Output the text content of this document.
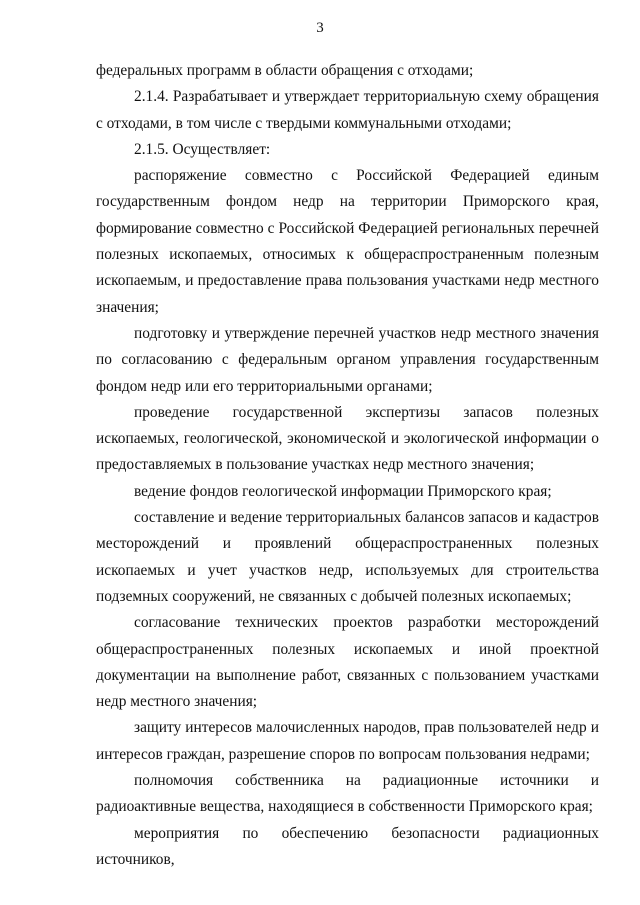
3

федеральных программ в области обращения с отходами;

2.1.4. Разрабатывает и утверждает территориальную схему обращения с отходами, в том числе с твердыми коммунальными отходами;

2.1.5. Осуществляет:

распоряжение совместно с Российской Федерацией единым государственным фондом недр на территории Приморского края, формирование совместно с Российской Федерацией региональных перечней полезных ископаемых, относимых к общераспространенным полезным ископаемым, и предоставление права пользования участками недр местного значения;

подготовку и утверждение перечней участков недр местного значения по согласованию с федеральным органом управления государственным фондом недр или его территориальными органами;

проведение государственной экспертизы запасов полезных ископаемых, геологической, экономической и экологической информации о предоставляемых в пользование участках недр местного значения;

ведение фондов геологической информации Приморского края;

составление и ведение территориальных балансов запасов и кадастров месторождений и проявлений общераспространенных полезных ископаемых и учет участков недр, используемых для строительства подземных сооружений, не связанных с добычей полезных ископаемых;

согласование технических проектов разработки месторождений общераспространенных полезных ископаемых и иной проектной документации на выполнение работ, связанных с пользованием участками недр местного значения;

защиту интересов малочисленных народов, прав пользователей недр и интересов граждан, разрешение споров по вопросам пользования недрами;

полномочия собственника на радиационные источники и радиоактивные вещества, находящиеся в собственности Приморского края;

мероприятия по обеспечению безопасности радиационных источников,
